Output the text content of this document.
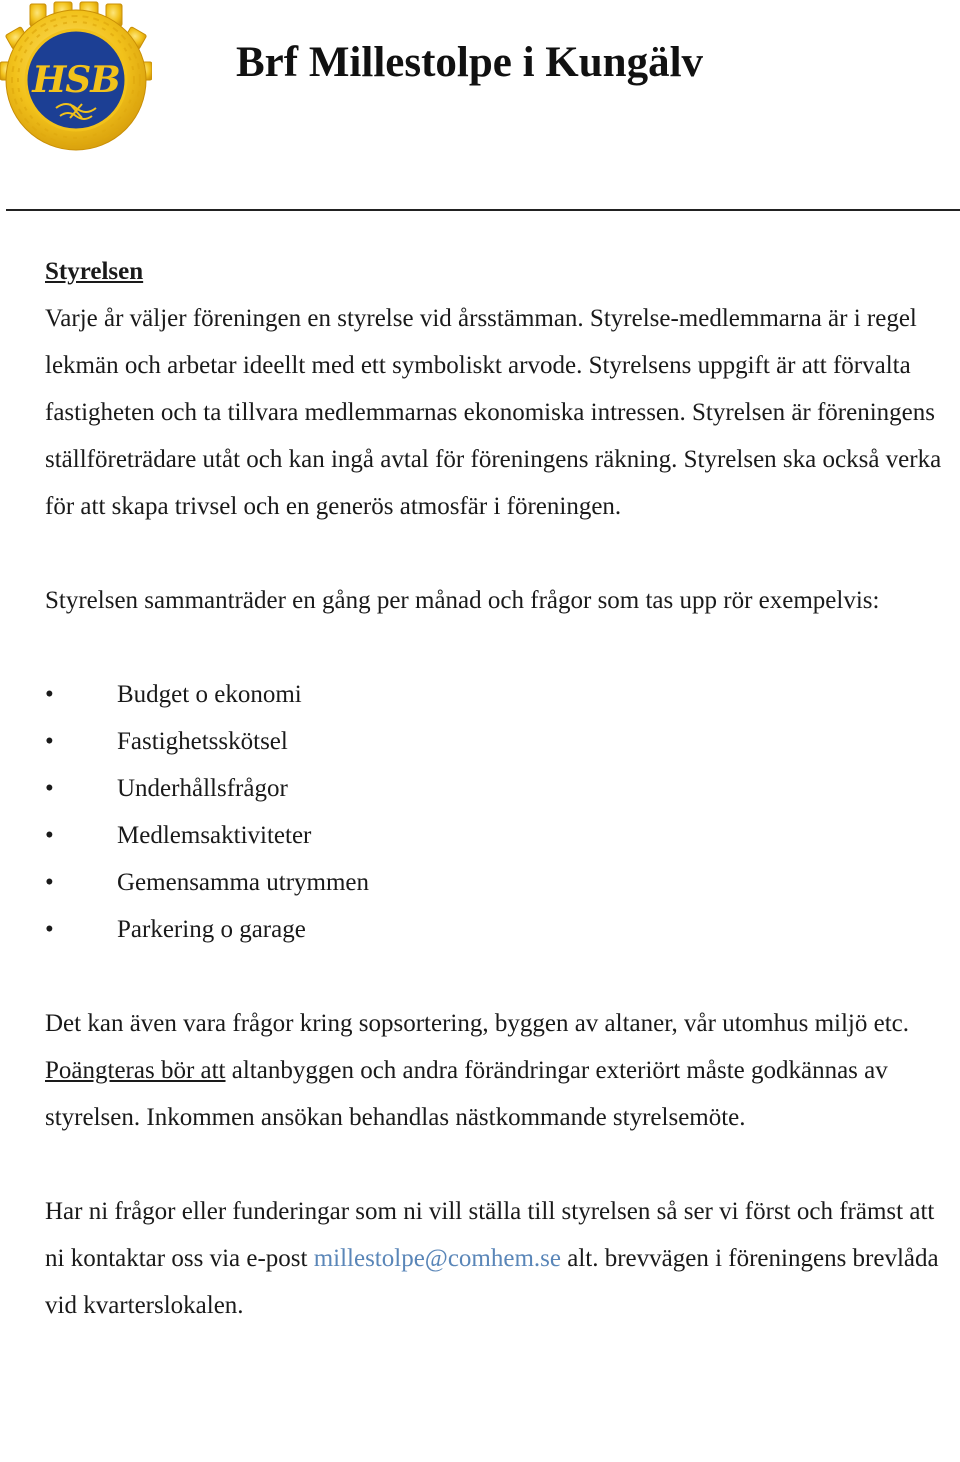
HSB	Brf Millestolpe i Kungälv

Styrelsen

Varje år väljer föreningen en styrelse vid årsstämman. Styrelse-medlemmarna är i regel lekmän och arbetar ideellt med ett symboliskt arvode. Styrelsens uppgift är att förvalta fastigheten och ta tillvara medlemmarnas ekonomiska intressen. Styrelsen är föreningens ställföreträdare utåt och kan ingå avtal för föreningens räkning. Styrelsen ska också verka för att skapa trivsel och en generös atmosfär i föreningen.

Styrelsen sammanträder en gång per månad och frågor som tas upp rör exempelvis:

•	Budget o ekonomi
•	Fastighetsskötsel
•	Underhållsfrågor
•	Medlemsaktiviteter
•	Gemensamma utrymmen
•	Parkering o garage

Det kan även vara frågor kring sopsortering, byggen av altaner, vår utomhus miljö etc. Poängteras bör att altanbyggen och andra förändringar exteriört måste godkännas av styrelsen. Inkommen ansökan behandlas nästkommande styrelsemöte.

Har ni frågor eller funderingar som ni vill ställa till styrelsen så ser vi först och främst att ni kontaktar oss via e-post millestolpe@comhem.se alt. brevvägen i föreningens brevlåda vid kvarterslokalen.
